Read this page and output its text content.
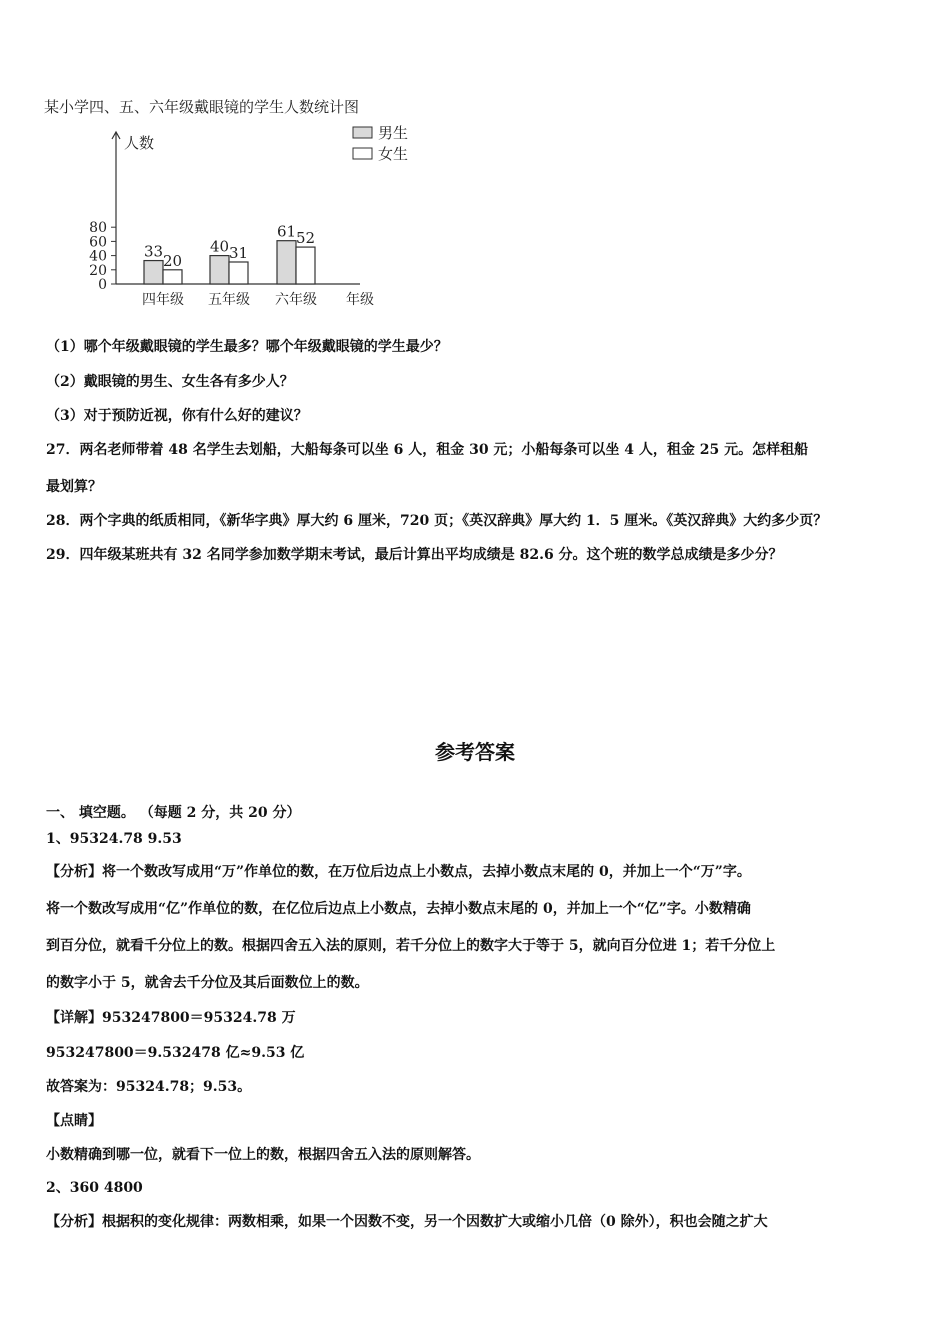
某小学四、五、六年级戴眼镜的学生人数统计图
人数
年级
0
20
40
60
80
33
20
四年级
40 31
五年级
61 52
六年级
男生
女生
（1）哪个年级戴眼镜的学生最多？哪个年级戴眼镜的学生最少？
（2）戴眼镜的男生、女生各有多少人？
（3）对于预防近视，你有什么好的建议？
27．两名老师带着 48 名学生去划船，大船每条可以坐 6 人，租金 30 元；小船每条可以坐 4 人，租金 25 元。怎样租船
最划算？
28．两个字典的纸质相同，《新华字典》厚大约 6 厘米，720 页；《英汉辞典》厚大约 1．5 厘米。《英汉辞典》大约多少页？
29．四年级某班共有 32 名同学参加数学期末考试，最后计算出平均成绩是 82.6 分。这个班的数学总成绩是多少分？
参考答案
一、 填空题。 （每题 2 分，共 20 分）
1、95324.78 9.53
【分析】将一个数改写成用“万”作单位的数，在万位后边点上小数点，去掉小数点末尾的 0，并加上一个“万”字。
将一个数改写成用“亿”作单位的数，在亿位后边点上小数点，去掉小数点末尾的 0，并加上一个“亿”字。小数精确
到百分位，就看千分位上的数。根据四舍五入法的原则，若千分位上的数字大于等于 5，就向百分位进 1；若千分位上
的数字小于 5，就舍去千分位及其后面数位上的数。
【详解】953247800＝95324.78 万
953247800＝9.532478 亿≈9.53 亿
故答案为：95324.78；9.53。
【点睛】
小数精确到哪一位，就看下一位上的数，根据四舍五入法的原则解答。
2、360 4800
【分析】根据积的变化规律：两数相乘，如果一个因数不变，另一个因数扩大或缩小几倍（0 除外），积也会随之扩大
